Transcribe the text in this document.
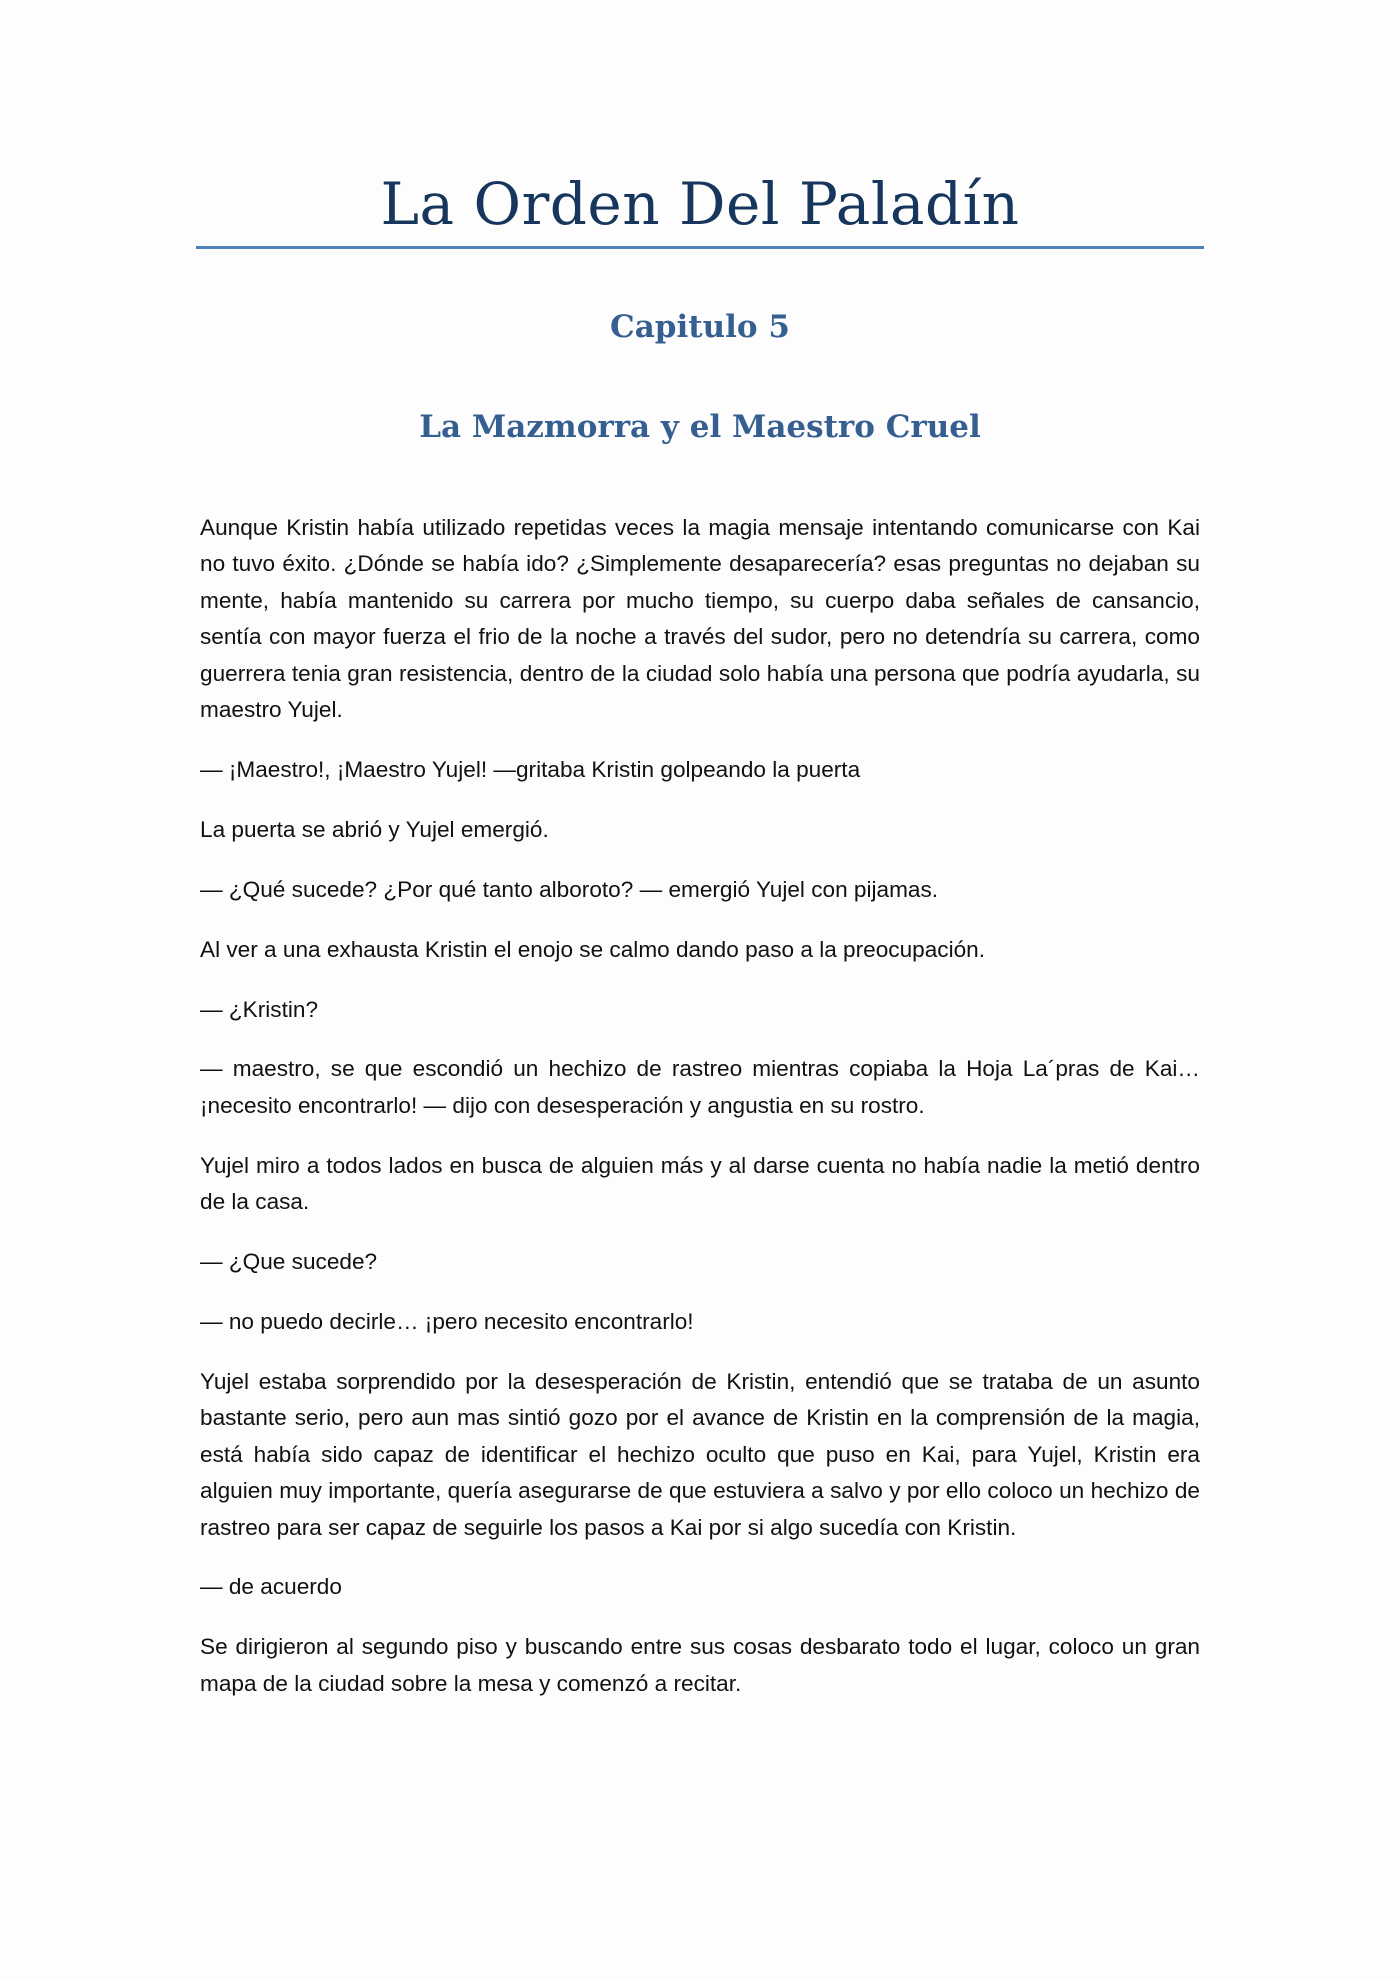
La Orden Del Paladín
Capitulo 5
La Mazmorra y el Maestro Cruel

Aunque Kristin había utilizado repetidas veces la magia mensaje intentando comunicarse con Kai no tuvo éxito. ¿Dónde se había ido? ¿Simplemente desaparecería? esas preguntas no dejaban su mente, había mantenido su carrera por mucho tiempo, su cuerpo daba señales de cansancio, sentía con mayor fuerza el frio de la noche a través del sudor, pero no detendría su carrera, como guerrera tenia gran resistencia, dentro de la ciudad solo había una persona que podría ayudarla, su maestro Yujel.

— ¡Maestro!, ¡Maestro Yujel! —gritaba Kristin golpeando la puerta

La puerta se abrió y Yujel emergió.

— ¿Qué sucede? ¿Por qué tanto alboroto? — emergió Yujel con pijamas.

Al ver a una exhausta Kristin el enojo se calmo dando paso a la preocupación.

— ¿Kristin?

— maestro, se que escondió un hechizo de rastreo mientras copiaba la Hoja La´pras de Kai… ¡necesito encontrarlo! — dijo con desesperación y angustia en su rostro.

Yujel miro a todos lados en busca de alguien más y al darse cuenta no había nadie la metió dentro de la casa.

— ¿Que sucede?

— no puedo decirle… ¡pero necesito encontrarlo!

Yujel estaba sorprendido por la desesperación de Kristin, entendió que se trataba de un asunto bastante serio, pero aun mas sintió gozo por el avance de Kristin en la comprensión de la magia, está había sido capaz de identificar el hechizo oculto que puso en Kai, para Yujel, Kristin era alguien muy importante, quería asegurarse de que estuviera a salvo y por ello coloco un hechizo de rastreo para ser capaz de seguirle los pasos a Kai por si algo sucedía con Kristin.

— de acuerdo

Se dirigieron al segundo piso y buscando entre sus cosas desbarato todo el lugar, coloco un gran mapa de la ciudad sobre la mesa y comenzó a recitar.
